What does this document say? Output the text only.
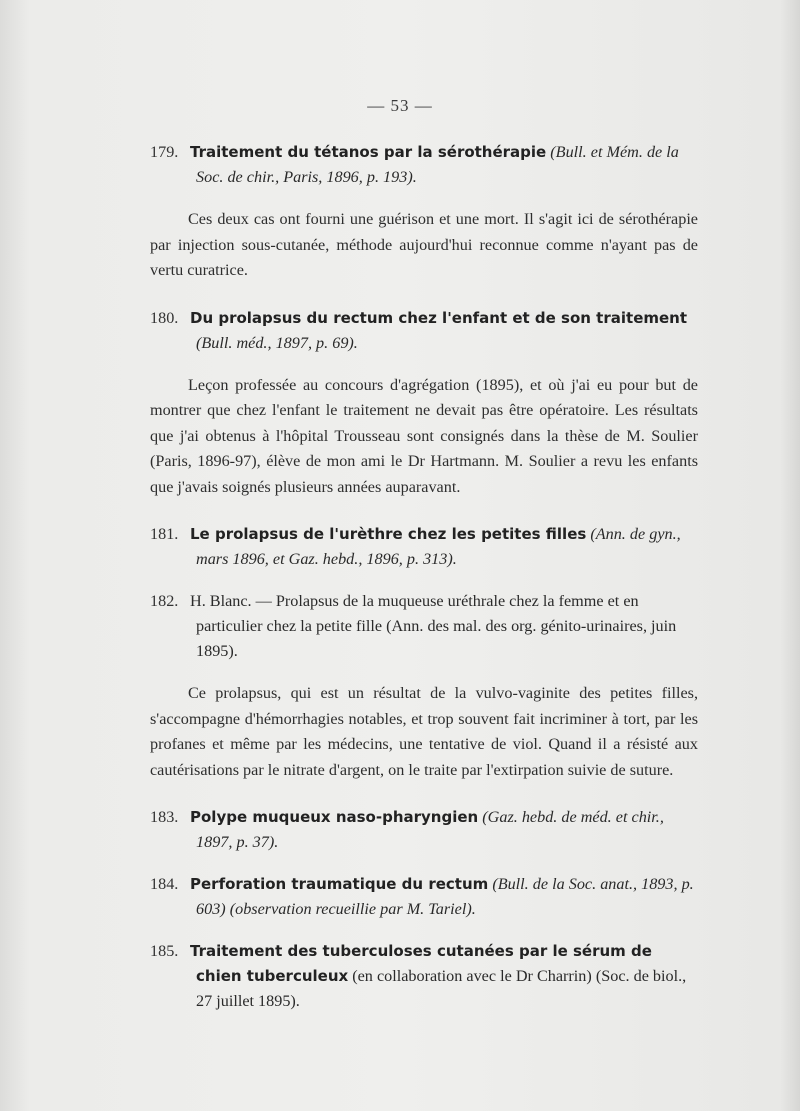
— 53 —
179. Traitement du tétanos par la sérothérapie (Bull. et Mém. de la Soc. de chir., Paris, 1896, p. 193).

Ces deux cas ont fourni une guérison et une mort. Il s'agit ici de sérothérapie par injection sous-cutanée, méthode aujourd'hui reconnue comme n'ayant pas de vertu curatrice.

180. Du prolapsus du rectum chez l'enfant et de son traitement (Bull. méd., 1897, p. 69).

Leçon professée au concours d'agrégation (1895), et où j'ai eu pour but de montrer que chez l'enfant le traitement ne devait pas être opératoire. Les résultats que j'ai obtenus à l'hôpital Trousseau sont consignés dans la thèse de M. Soulier (Paris, 1896-97), élève de mon ami le Dr Hartmann. M. Soulier a revu les enfants que j'avais soignés plusieurs années auparavant.

181. Le prolapsus de l'urèthre chez les petites filles (Ann. de gyn., mars 1896, et Gaz. hebd., 1896, p. 313).
182. H. Blanc. — Prolapsus de la muqueuse uréthrale chez la femme et en particulier chez la petite fille (Ann. des mal. des org. génito-urinaires, juin 1895).

Ce prolapsus, qui est un résultat de la vulvo-vaginite des petites filles, s'accompagne d'hémorrhagies notables, et trop souvent fait incriminer à tort, par les profanes et même par les médecins, une tentative de viol. Quand il a résisté aux cautérisations par le nitrate d'argent, on le traite par l'extirpation suivie de suture.

183. Polype muqueux naso-pharyngien (Gaz. hebd. de méd. et chir., 1897, p. 37).
184. Perforation traumatique du rectum (Bull. de la Soc. anat., 1893, p. 603) (observation recueillie par M. Tariel).
185. Traitement des tuberculoses cutanées par le sérum de chien tuberculeux (en collaboration avec le Dr Charrin) (Soc. de biol., 27 juillet 1895).
